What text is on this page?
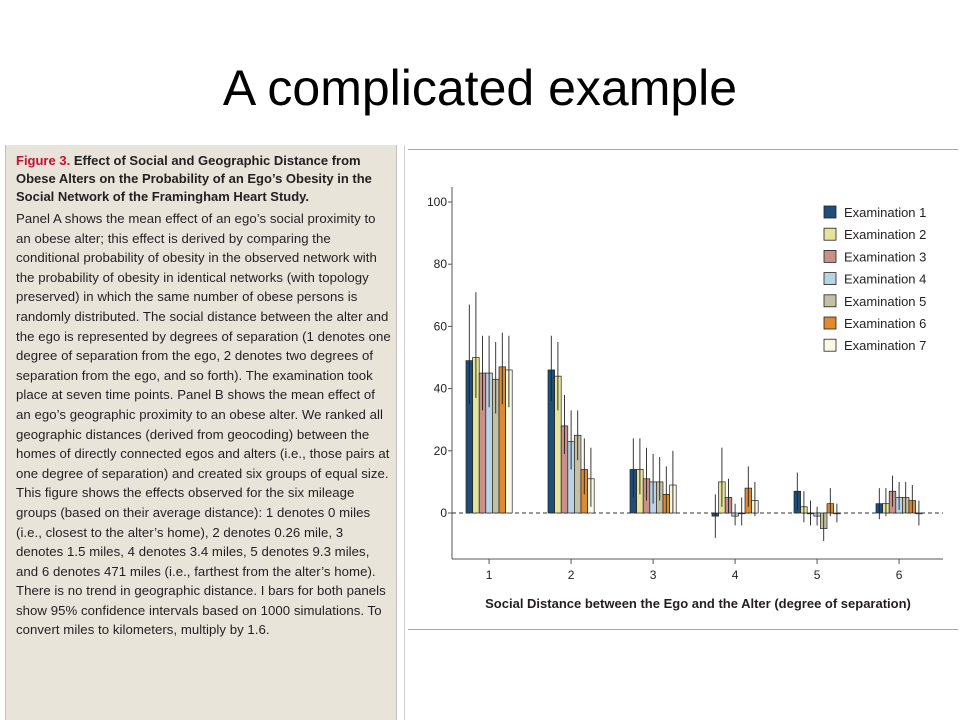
A complicated example

Figure 3. Effect of Social and Geographic Distance from Obese Alters on the Probability of an Ego’s Obesity in the Social Network of the Framingham Heart Study.

Panel A shows the mean effect of an ego’s social proximity to an obese alter; this effect is derived by comparing the conditional probability of obesity in the observed network with the probability of obesity in identical networks (with topology preserved) in which the same number of obese persons is randomly distributed. The social distance between the alter and the ego is represented by degrees of separation (1 denotes one degree of separation from the ego, 2 denotes two degrees of separation from the ego, and so forth). The examination took place at seven time points. Panel B shows the mean effect of an ego’s geographic proximity to an obese alter. We ranked all geographic distances (derived from geocoding) between the homes of directly connected egos and alters (i.e., those pairs at one degree of separation) and created six groups of equal size. This figure shows the effects observed for the six mileage groups (based on their average distance): 1 denotes 0 miles (i.e., closest to the alter’s home), 2 denotes 0.26 mile, 3 denotes 1.5 miles, 4 denotes 3.4 miles, 5 denotes 9.3 miles, and 6 denotes 471 miles (i.e., farthest from the alter’s home). There is no trend in geographic distance. I bars for both panels show 95% confidence intervals based on 1000 simulations. To convert miles to kilometers, multiply by 1.6.

0
20
40
60
80
100
1	2	3	4	5	6
Social Distance between the Ego and the Alter (degree of separation)
Examination 1
Examination 2
Examination 3
Examination 4
Examination 5
Examination 6
Examination 7
